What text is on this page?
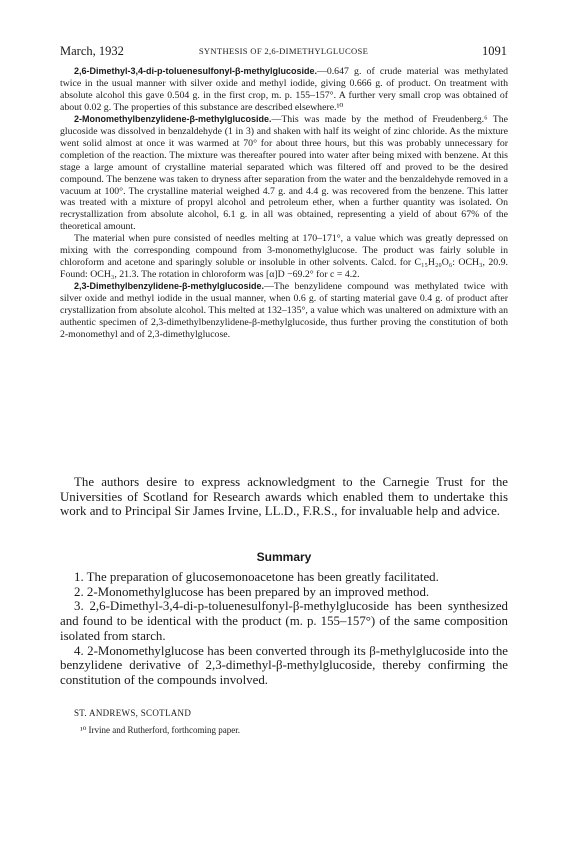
March, 1932	SYNTHESIS OF 2,6-DIMETHYLGLUCOSE	1091

2,6-Dimethyl-3,4-di-p-toluenesulfonyl-β-methylglucoside.—0.647 g. of crude material was methylated twice in the usual manner with silver oxide and methyl iodide, giving 0.666 g. of product. On treatment with absolute alcohol this gave 0.504 g. in the first crop, m. p. 155–157°. A further very small crop was obtained of about 0.02 g. The properties of this substance are described elsewhere.¹⁰

2-Monomethylbenzylidene-β-methylglucoside.—This was made by the method of Freudenberg.⁶ The glucoside was dissolved in benzaldehyde (1 in 3) and shaken with half its weight of zinc chloride. As the mixture went solid almost at once it was warmed at 70° for about three hours, but this was probably unnecessary for completion of the reaction. The mixture was thereafter poured into water after being mixed with benzene. At this stage a large amount of crystalline material separated which was filtered off and proved to be the desired compound. The benzene was taken to dryness after separation from the water and the benzaldehyde removed in a vacuum at 100°. The crystalline material weighed 4.7 g. and 4.4 g. was recovered from the benzene. This latter was treated with a mixture of propyl alcohol and petroleum ether, when a further quantity was isolated. On recrystallization from absolute alcohol, 6.1 g. in all was obtained, representing a yield of about 67% of the theoretical amount.

The material when pure consisted of needles melting at 170–171°, a value which was greatly depressed on mixing with the corresponding compound from 3-monomethylglucose. The product was fairly soluble in chloroform and acetone and sparingly soluble or insoluble in other solvents. Calcd. for C₁₅H₂₀O₆: OCH₃, 20.9. Found: OCH₃, 21.3. The rotation in chloroform was [α]D −69.2° for c = 4.2.

2,3-Dimethylbenzylidene-β-methylglucoside.—The benzylidene compound was methylated twice with silver oxide and methyl iodide in the usual manner, when 0.6 g. of starting material gave 0.4 g. of product after crystallization from absolute alcohol. This melted at 132–135°, a value which was unaltered on admixture with an authentic specimen of 2,3-dimethylbenzylidene-β-methylglucoside, thus further proving the constitution of both 2-monomethyl and of 2,3-dimethylglucose.

The authors desire to express acknowledgment to the Carnegie Trust for the Universities of Scotland for Research awards which enabled them to undertake this work and to Principal Sir James Irvine, LL.D., F.R.S., for invaluable help and advice.

Summary

1. The preparation of glucosemonoacetone has been greatly facilitated.

2. 2-Monomethylglucose has been prepared by an improved method.

3. 2,6-Dimethyl-3,4-di-p-toluenesulfonyl-β-methylglucoside has been synthesized and found to be identical with the product (m. p. 155–157°) of the same composition isolated from starch.

4. 2-Monomethylglucose has been converted through its β-methylglucoside into the benzylidene derivative of 2,3-dimethyl-β-methylglucoside, thereby confirming the constitution of the compounds involved.

ST. ANDREWS, SCOTLAND

¹⁰ Irvine and Rutherford, forthcoming paper.
